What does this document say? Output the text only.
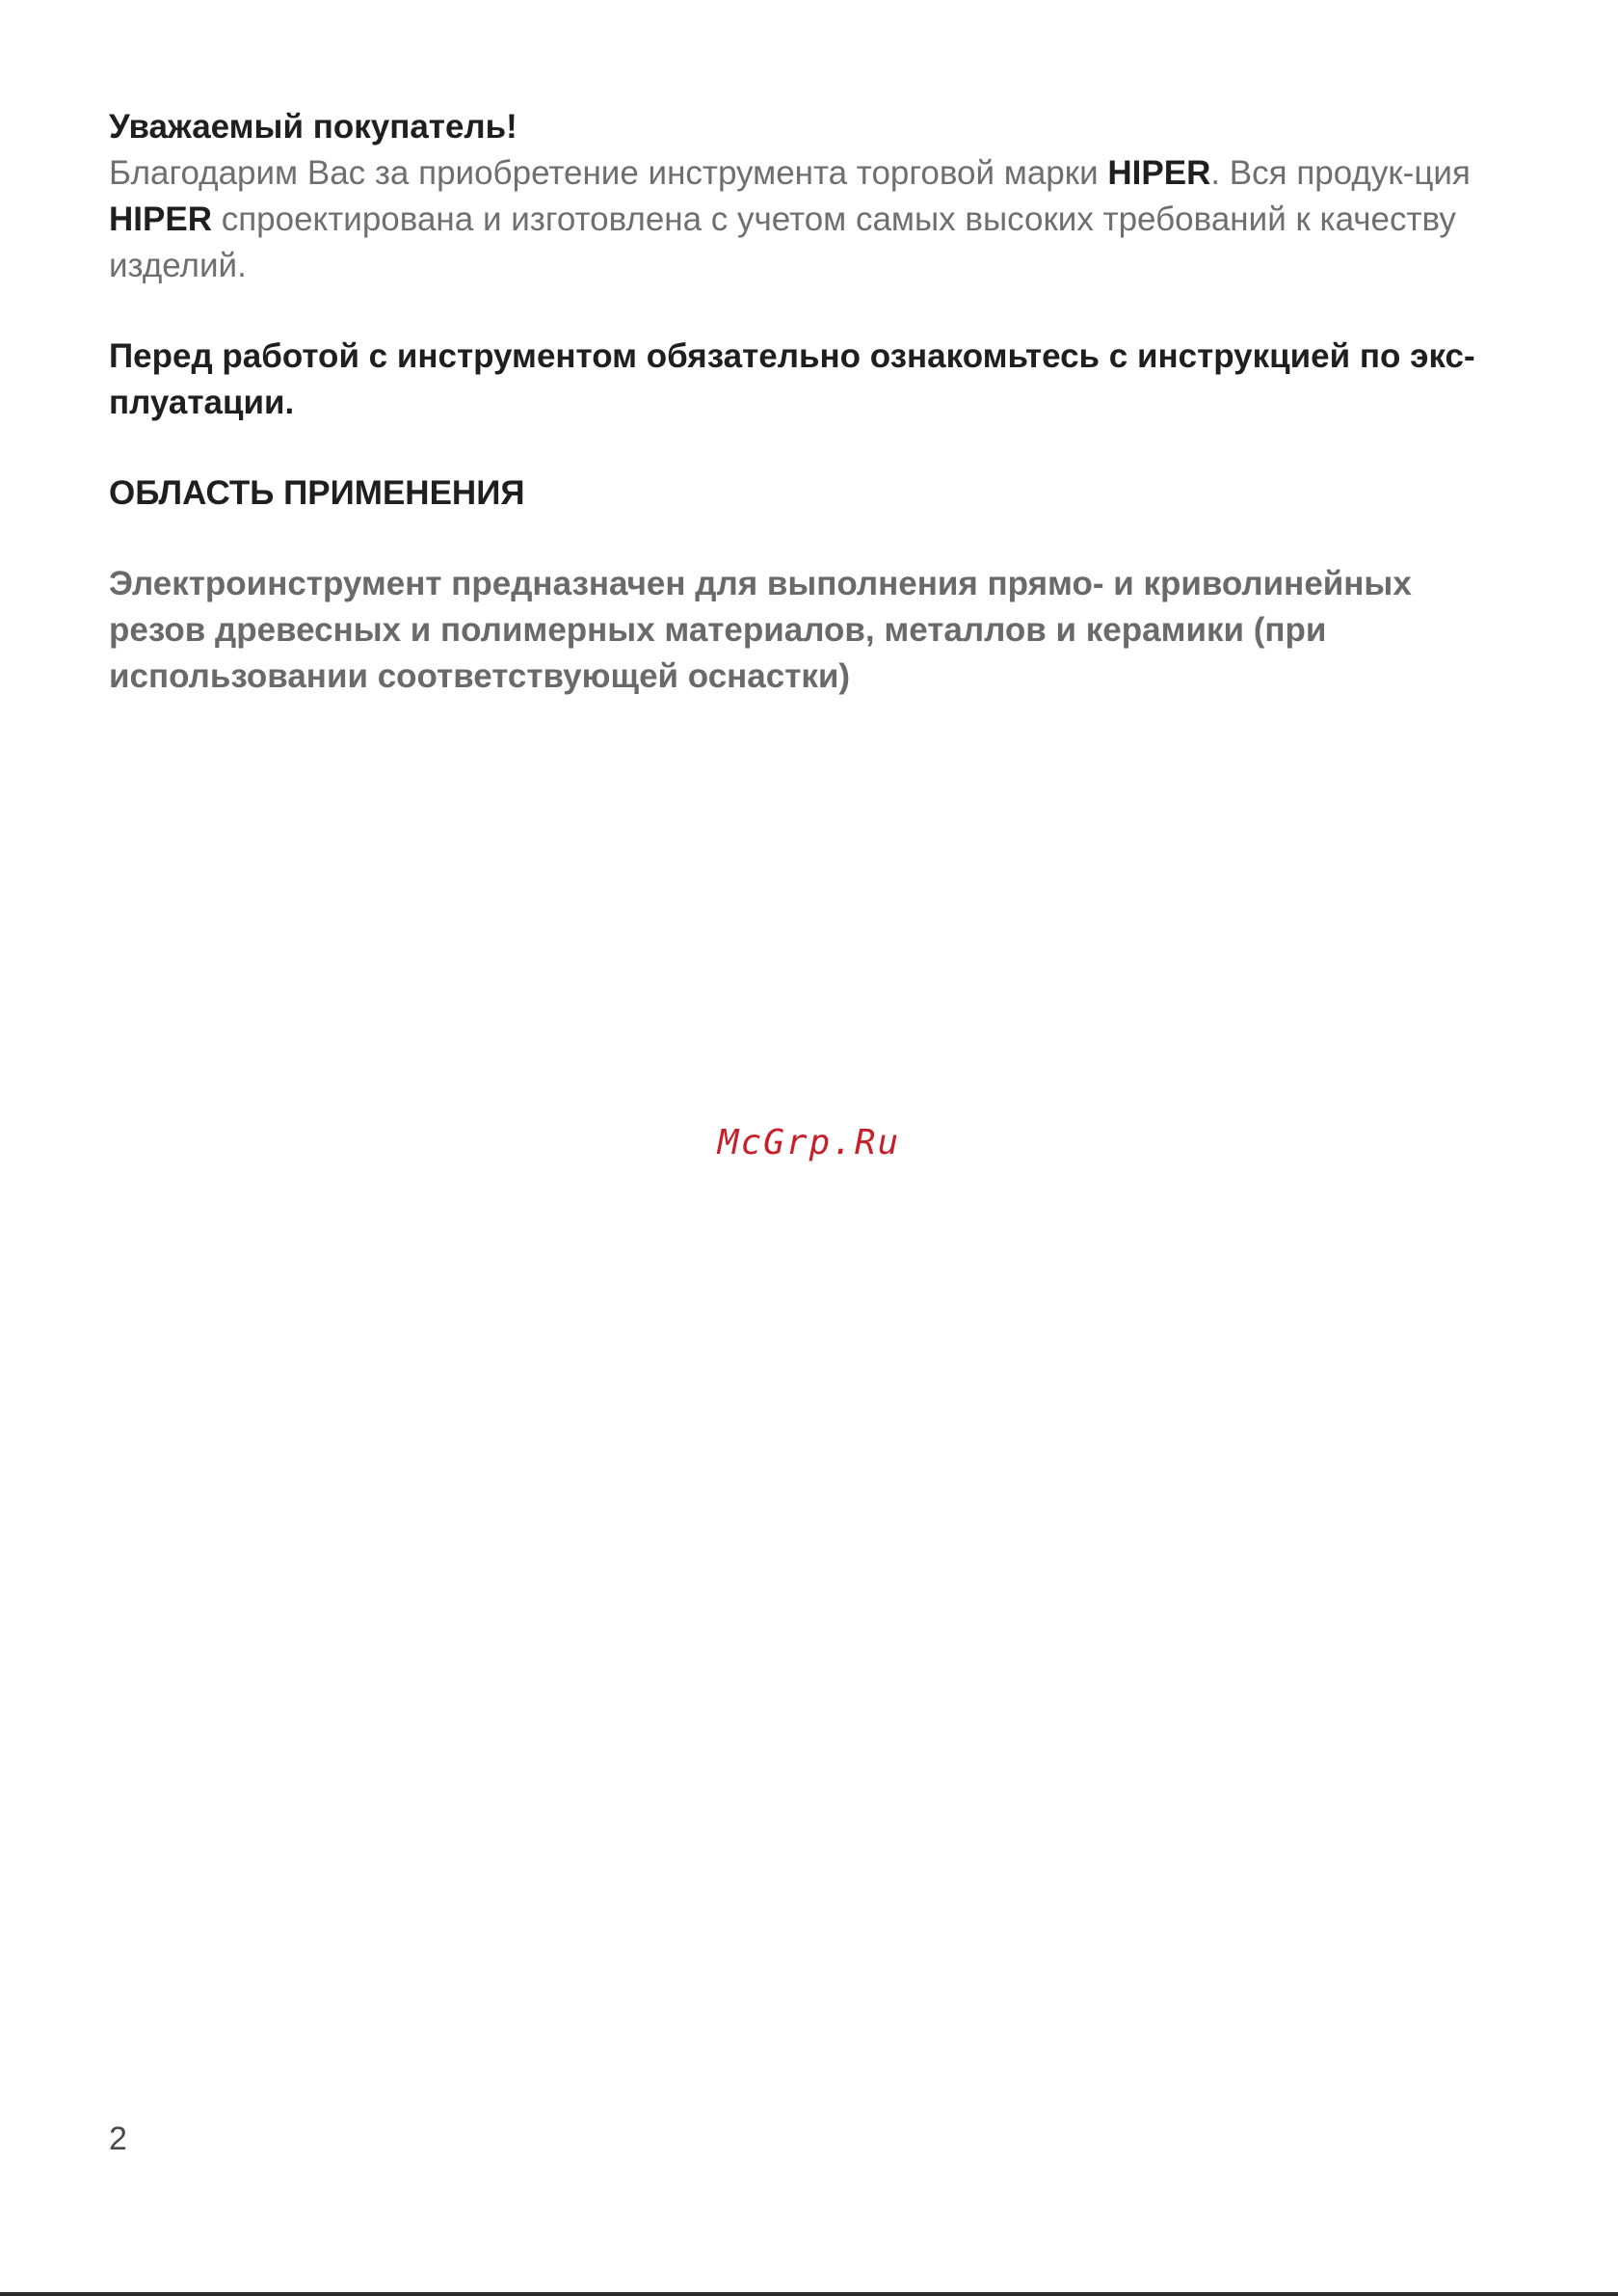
Уважаемый покупатель!

Благодарим Вас за приобретение инструмента торговой марки HIPER. Вся продук-ция HIPER спроектирована и изготовлена с учетом самых высоких требований к качеству изделий.

Перед работой с инструментом обязательно ознакомьтесь с инструкцией по экс-плуатации.

ОБЛАСТЬ ПРИМЕНЕНИЯ

Электроинструмент предназначен для выполнения прямо- и криволинейных резов древесных и полимерных материалов, металлов и керамики (при использовании соответствующей оснастки)

McGrp.Ru
2
